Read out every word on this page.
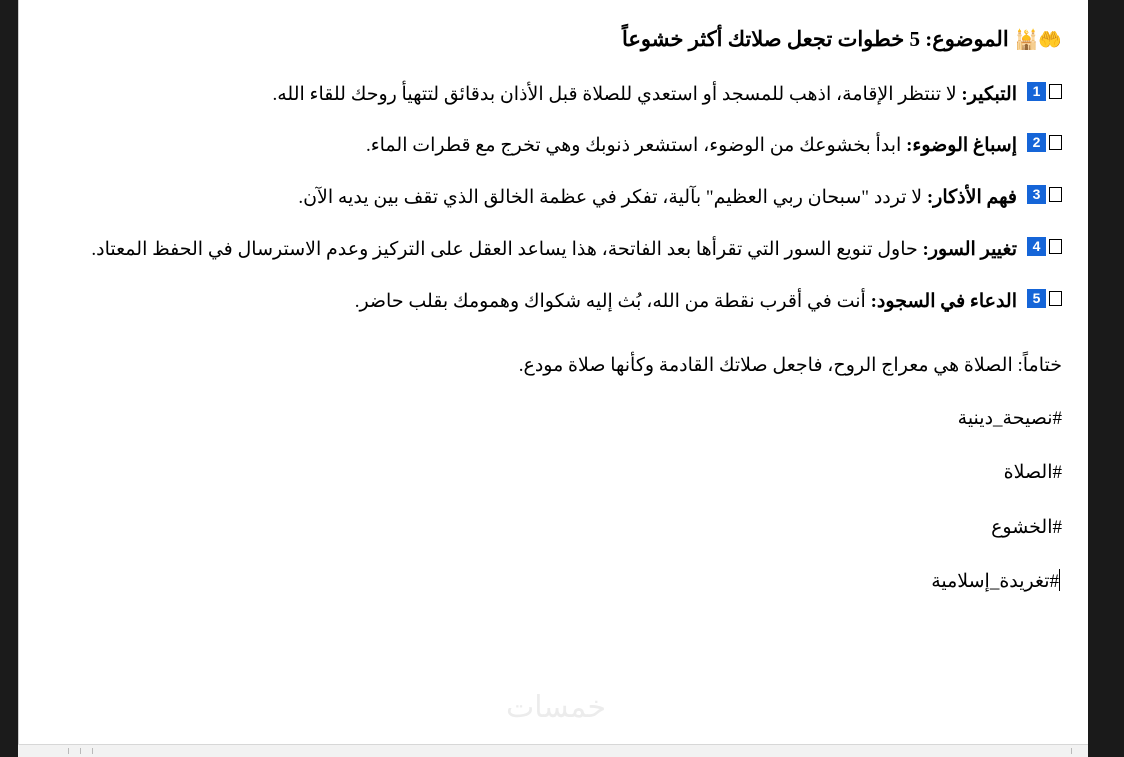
🤲🕌الموضوع: 5 خطوات تجعل صلاتك أكثر خشوعاً
1
التبكير: لا تنتظر الإقامة، اذهب للمسجد أو استعدي للصلاة قبل الأذان بدقائق لتتهيأ روحك للقاء الله.
2
إسباغ الوضوء: ابدأ بخشوعك من الوضوء، استشعر ذنوبك وهي تخرج مع قطرات الماء.
3
فهم الأذكار: لا تردد "سبحان ربي العظيم" بآلية، تفكر في عظمة الخالق الذي تقف بين يديه الآن.
4
تغيير السور: حاول تنويع السور التي تقرأها بعد الفاتحة، هذا يساعد العقل على التركيز وعدم الاسترسال في الحفظ المعتاد.
5
الدعاء في السجود: أنت في أقرب نقطة من الله، بُث إليه شكواك وهمومك بقلب حاضر.
ختاماً: الصلاة هي معراج الروح، فاجعل صلاتك القادمة وكأنها صلاة مودع.
#نصيحة_دينية
#الصلاة
#الخشوع
#تغريدة_إسلامية
خمسات
